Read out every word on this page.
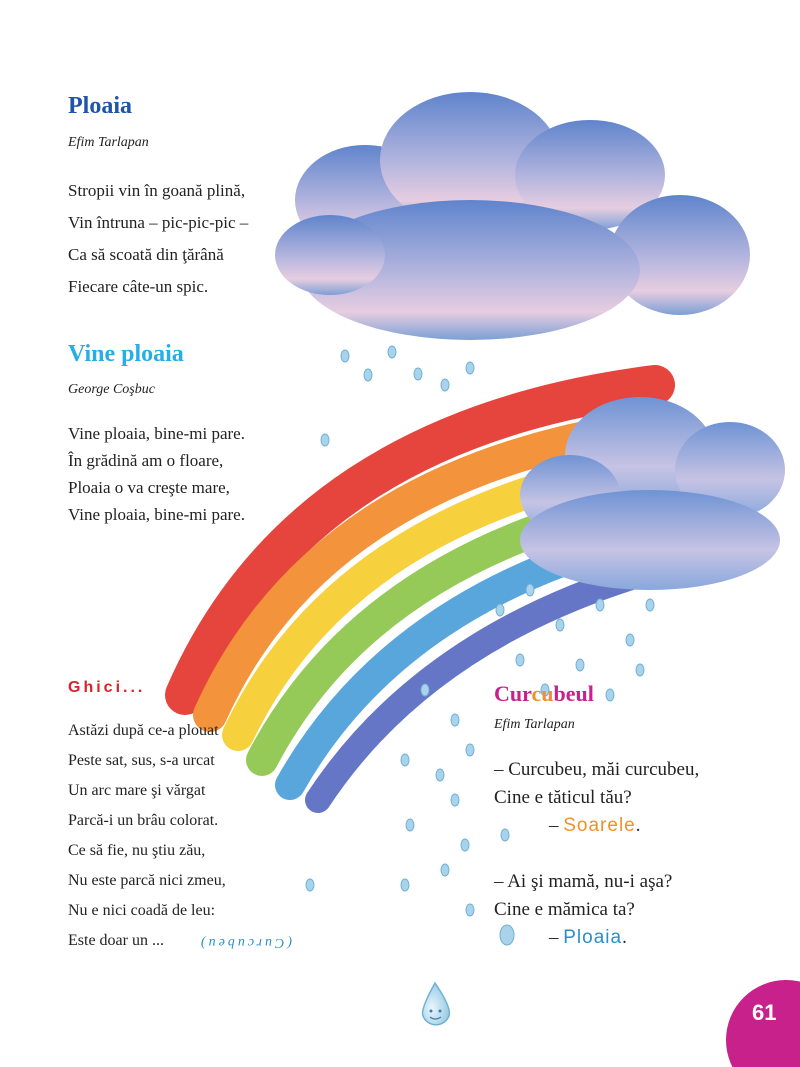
Ploaia
Efim Tarlapan
Stropii vin în goană plină,
Vin întruna – pic-pic-pic –
Ca să scoată din ţărână
Fiecare câte-un spic.
Vine ploaia
George Coşbuc
Vine ploaia, bine-mi pare.
În grădină am o floare,
Ploaia o va creşte mare,
Vine ploaia, bine-mi pare.
Ghici...
Astăzi după ce-a plouat
Peste sat, sus, s-a urcat
Un arc mare şi vărgat
Parcă-i un brâu colorat.
Ce să fie, nu ştiu zău,
Nu este parcă nici zmeu,
Nu e nici coadă de leu:
Este doar un ...	(Curcubeu)
Curcubeul
Efim Tarlapan
– Curcubeu, măi curcubeu,
Cine e tăticul tău?
– Soarele.
– Ai şi mamă, nu-i aşa?
Cine e mămica ta?
– Ploaia.
61
